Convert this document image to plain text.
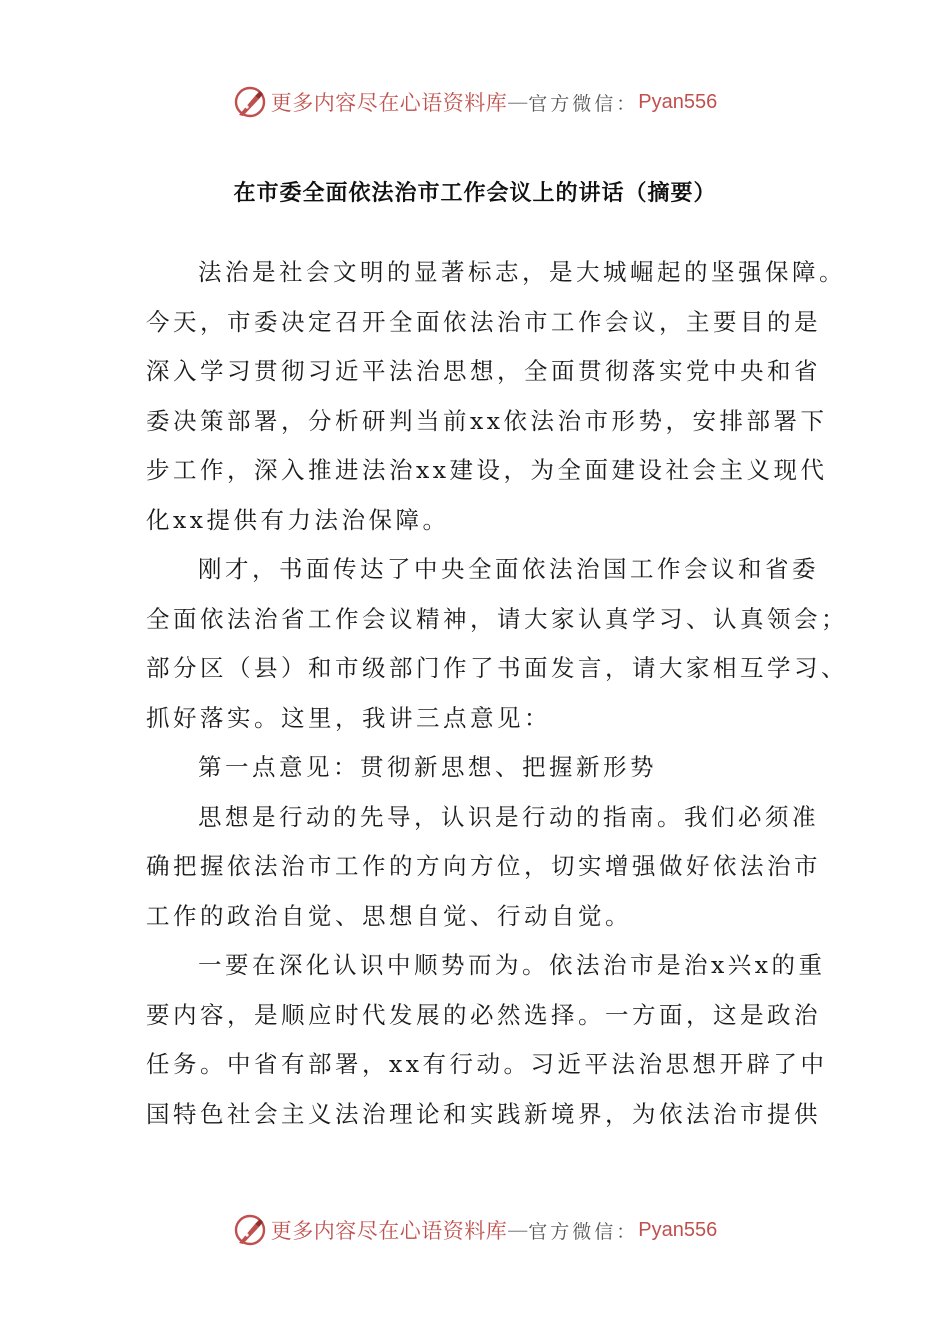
更多内容尽在心语资料库 — 官方微信： Pyan556
在市委全面依法治市工作会议上的讲话（摘要）
法治是社会文明的显著标志，是大城崛起的坚强保障。
今天，市委决定召开全面依法治市工作会议，主要目的是
深入学习贯彻习近平法治思想，全面贯彻落实党中央和省
委决策部署，分析研判当前xx依法治市形势，安排部署下
步工作，深入推进法治xx建设，为全面建设社会主义现代
化xx提供有力法治保障。
刚才，书面传达了中央全面依法治国工作会议和省委
全面依法治省工作会议精神，请大家认真学习、认真领会；
部分区（县）和市级部门作了书面发言，请大家相互学习、
抓好落实。这里，我讲三点意见：
第一点意见：贯彻新思想、把握新形势
思想是行动的先导，认识是行动的指南。我们必须准
确把握依法治市工作的方向方位，切实增强做好依法治市
工作的政治自觉、思想自觉、行动自觉。
一要在深化认识中顺势而为。依法治市是治x兴x的重
要内容，是顺应时代发展的必然选择。一方面，这是政治
任务。中省有部署，xx有行动。习近平法治思想开辟了中
国特色社会主义法治理论和实践新境界，为依法治市提供
更多内容尽在心语资料库 — 官方微信： Pyan556
